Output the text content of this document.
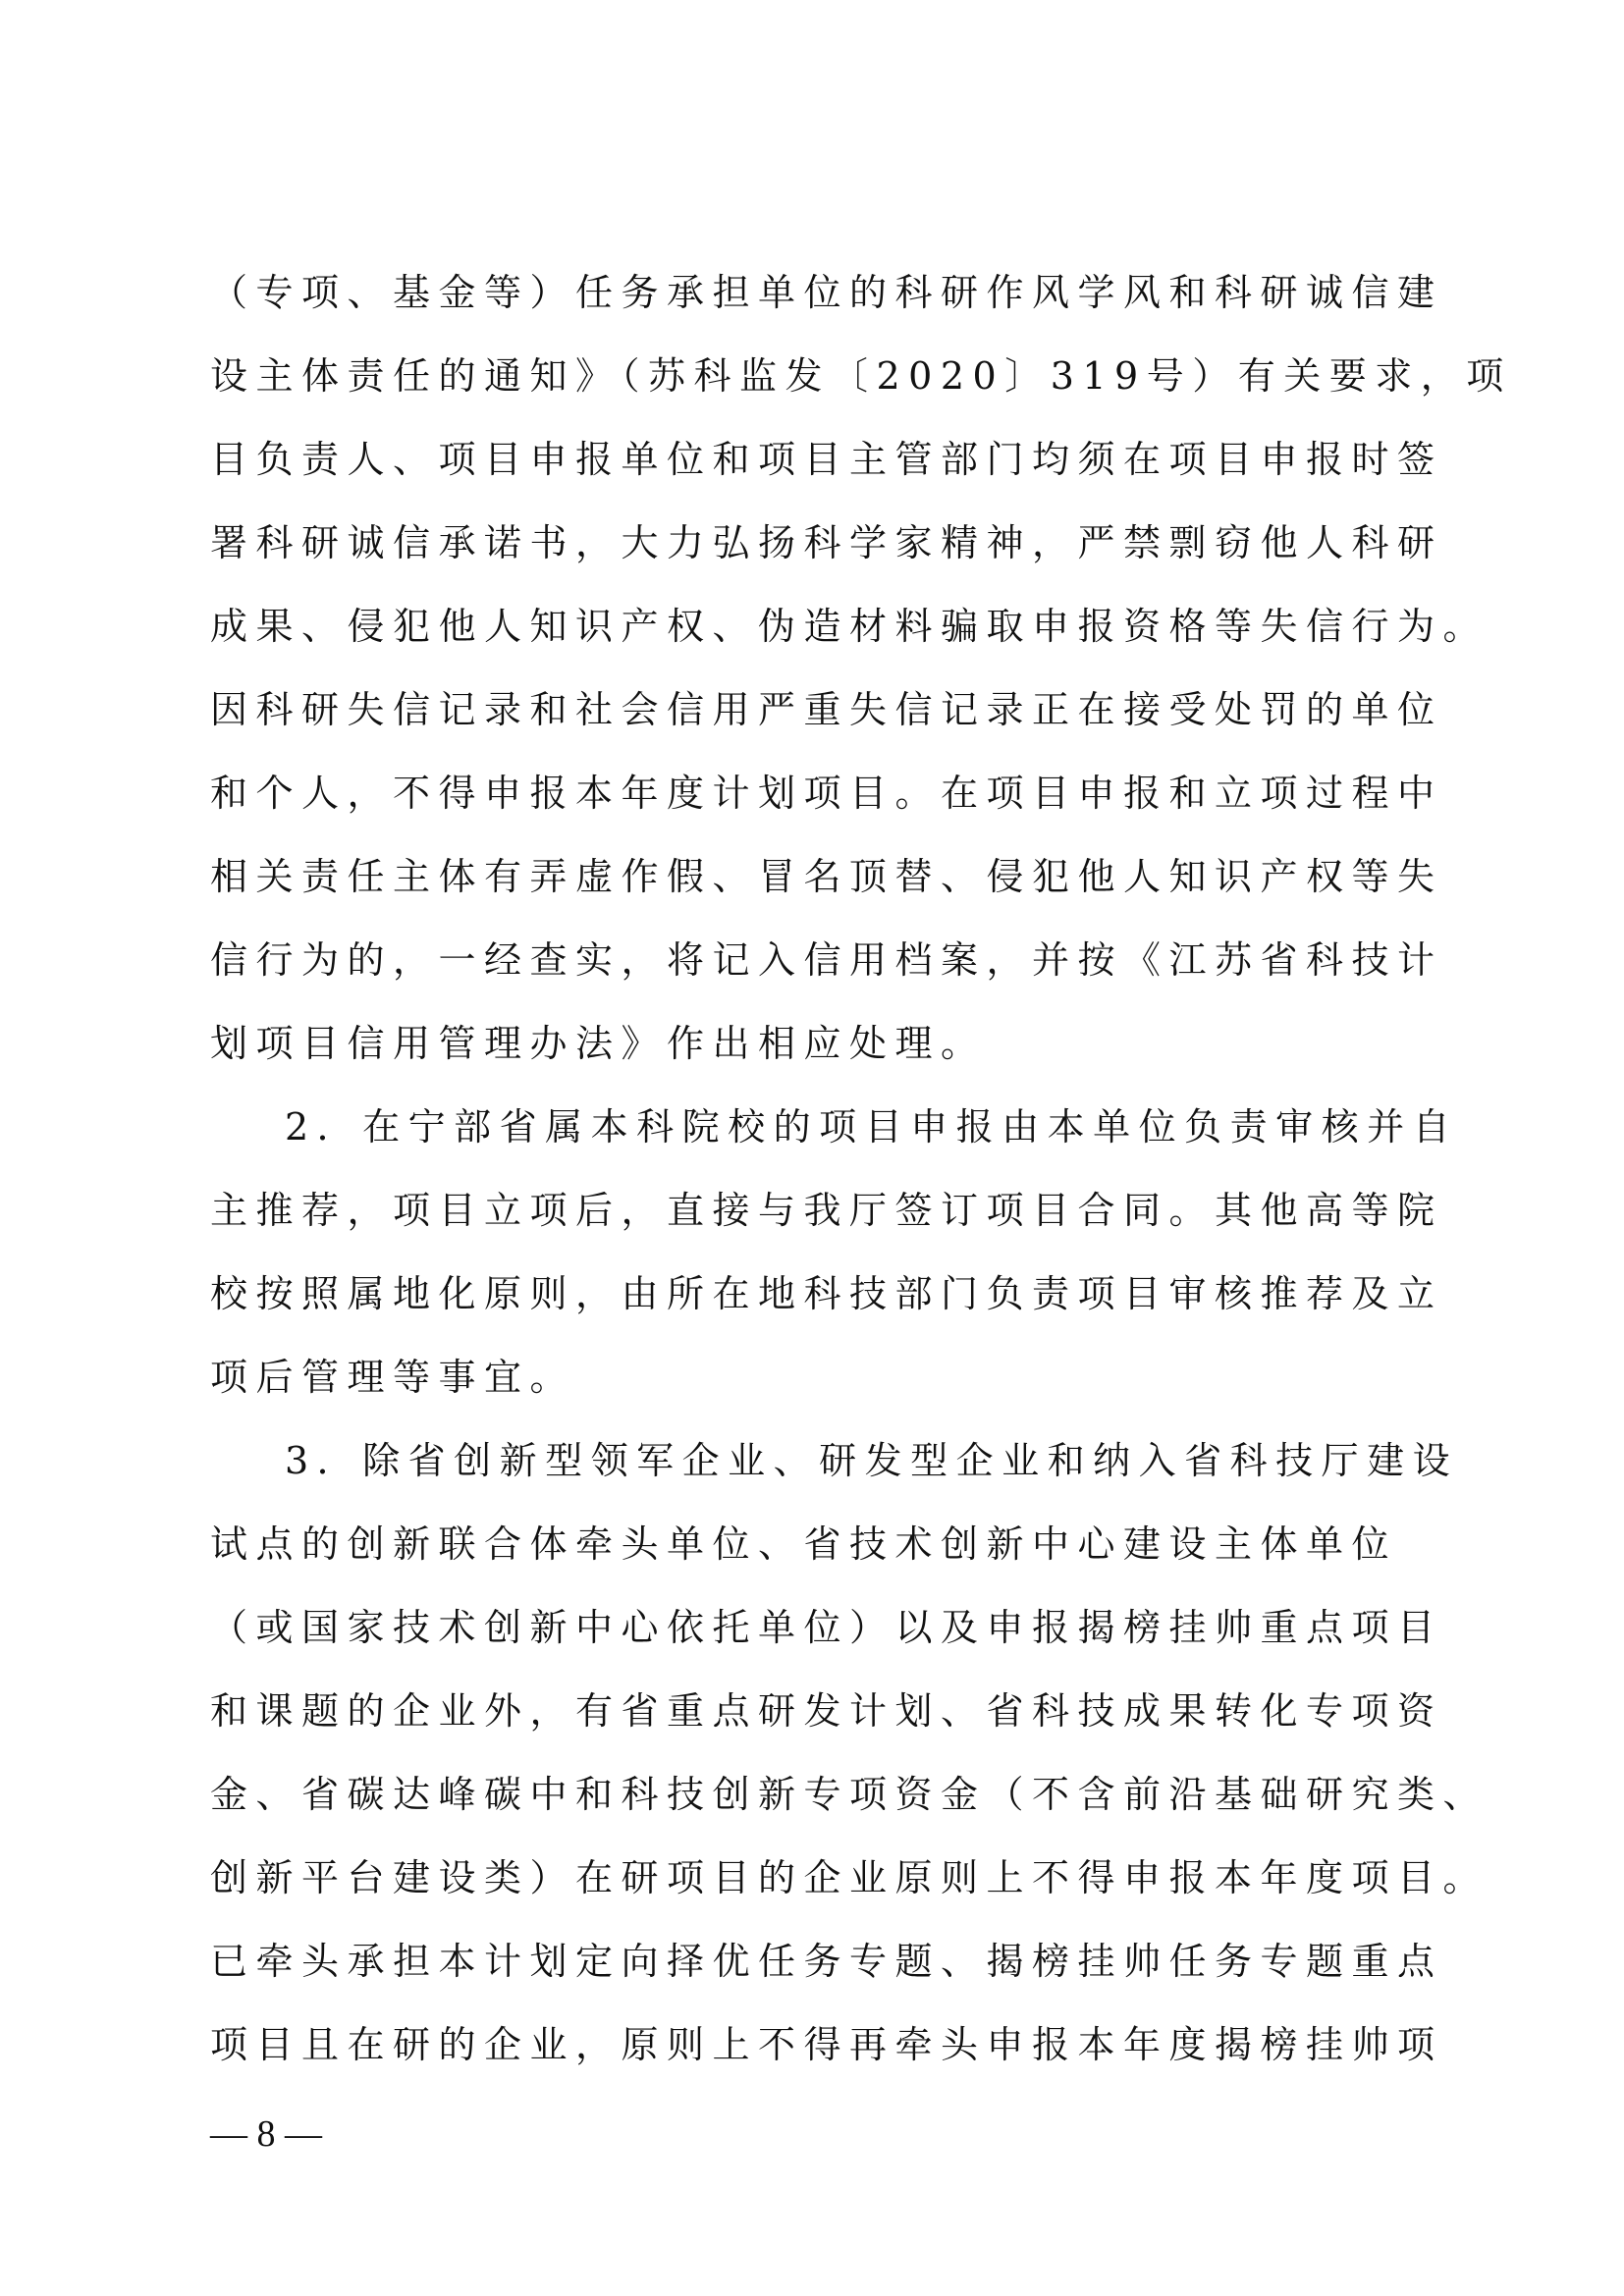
（专项、基金等）任务承担单位的科研作风学风和科研诚信建
设主体责任的通知》（苏科监发〔2020〕319号）有关要求，项
目负责人、项目申报单位和项目主管部门均须在项目申报时签
署科研诚信承诺书，大力弘扬科学家精神，严禁剽窃他人科研
成果、侵犯他人知识产权、伪造材料骗取申报资格等失信行为。
因科研失信记录和社会信用严重失信记录正在接受处罚的单位
和个人，不得申报本年度计划项目。在项目申报和立项过程中
相关责任主体有弄虚作假、冒名顶替、侵犯他人知识产权等失
信行为的，一经查实，将记入信用档案，并按《江苏省科技计
划项目信用管理办法》作出相应处理。
2．在宁部省属本科院校的项目申报由本单位负责审核并自
主推荐，项目立项后，直接与我厅签订项目合同。其他高等院
校按照属地化原则，由所在地科技部门负责项目审核推荐及立
项后管理等事宜。
3．除省创新型领军企业、研发型企业和纳入省科技厅建设
试点的创新联合体牵头单位、省技术创新中心建设主体单位
（或国家技术创新中心依托单位）以及申报揭榜挂帅重点项目
和课题的企业外，有省重点研发计划、省科技成果转化专项资
金、省碳达峰碳中和科技创新专项资金（不含前沿基础研究类、
创新平台建设类）在研项目的企业原则上不得申报本年度项目。
已牵头承担本计划定向择优任务专题、揭榜挂帅任务专题重点
项目且在研的企业，原则上不得再牵头申报本年度揭榜挂帅项
— 8 —
